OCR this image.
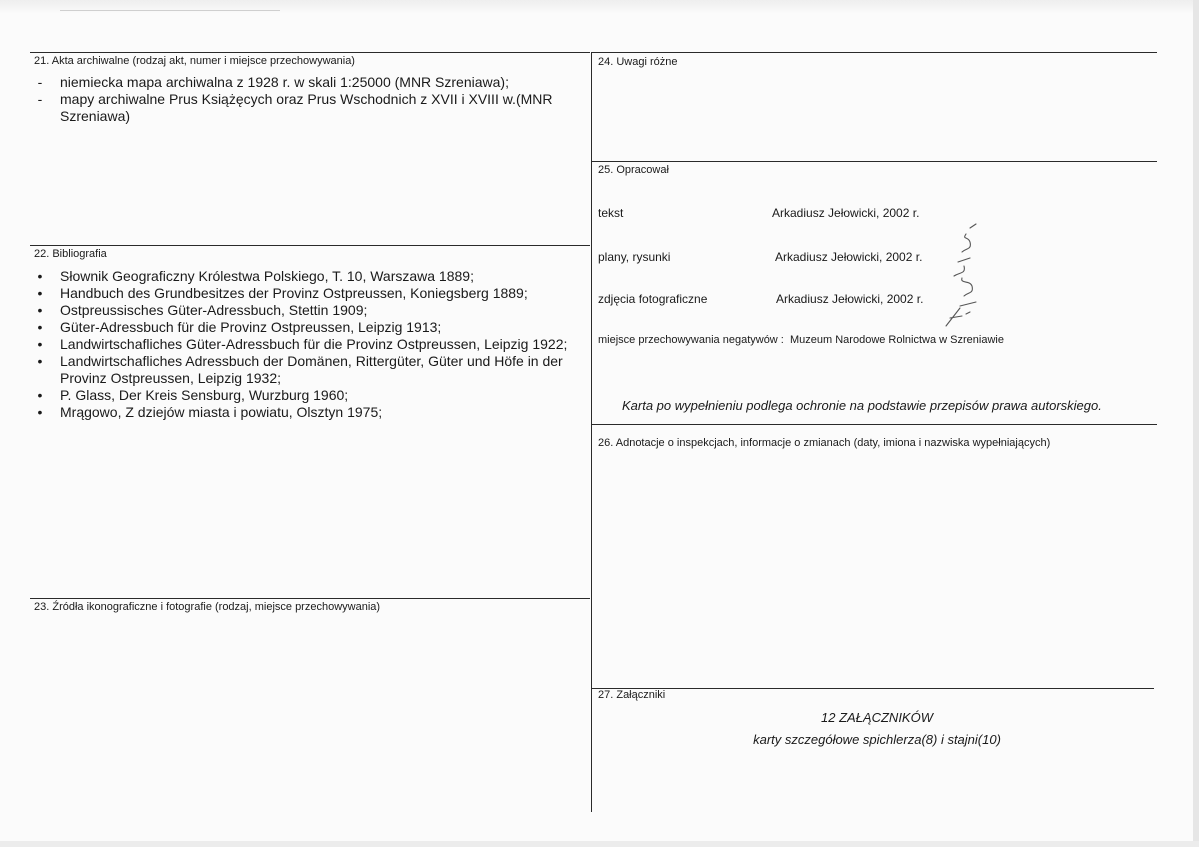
21. Akta archiwalne (rodzaj akt, numer i miejsce przechowywania)
- niemiecka mapa archiwalna z 1928 r. w skali 1:25000 (MNR Szreniawa);
- mapy archiwalne Prus Książęcych oraz Prus Wschodnich z XVII i XVIII w.(MNR Szreniawa)
22. Bibliografia
• Słownik Geograficzny Królestwa Polskiego, T. 10, Warszawa 1889;
• Handbuch des Grundbesitzes der Provinz Ostpreussen, Koniegsberg 1889;
• Ostpreussisches Güter-Adressbuch, Stettin 1909;
• Güter-Adressbuch für die Provinz Ostpreussen, Leipzig 1913;
• Landwirtschafliches Güter-Adressbuch für die Provinz Ostpreussen, Leipzig 1922;
• Landwirtschafliches Adressbuch der Domänen, Rittergüter, Güter und Höfe in der Provinz Ostpreussen, Leipzig 1932;
• P. Glass, Der Kreis Sensburg, Wurzburg 1960;
• Mrągowo, Z dziejów miasta i powiatu, Olsztyn 1975;
23. Źródła ikonograficzne i fotografie (rodzaj, miejsce przechowywania)
24. Uwagi różne
25. Opracował
tekst	Arkadiusz Jełowicki, 2002 r.
plany, rysunki	Arkadiusz Jełowicki, 2002 r.
zdjęcia fotograficzne	Arkadiusz Jełowicki, 2002 r.
miejsce przechowywania negatywów : Muzeum Narodowe Rolnictwa w Szreniawie
Karta po wypełnieniu podlega ochronie na podstawie przepisów prawa autorskiego.
26. Adnotacje o inspekcjach, informacje o zmianach (daty, imiona i nazwiska wypełniających)
27. Załączniki
12 ZAŁĄCZNIKÓW
karty szczegółowe spichlerza(8) i stajni(10)
